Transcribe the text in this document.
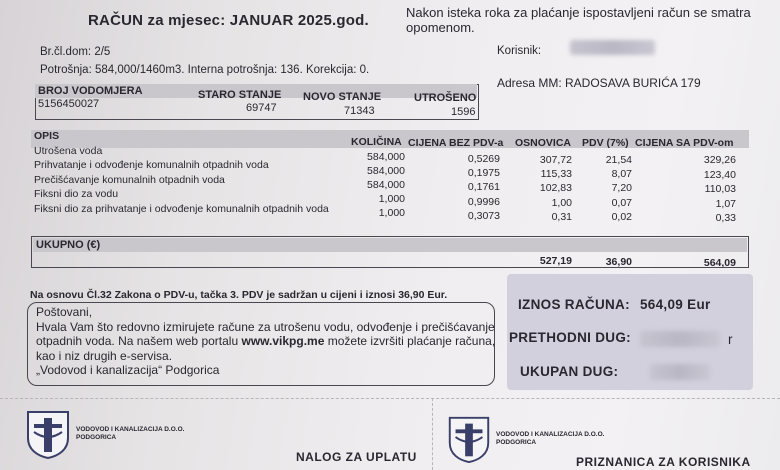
RAČUN za mjesec: JANUAR 2025.god.	Nakon isteka roka za plaćanje ispostavljeni račun se smatra opomenom.
Br.čl.dom: 2/5
Potrošnja: 584,000/1460m3. Interna potrošnja: 136. Korekcija: 0.
Korisnik:
Adresa MM: RADOSAVA BURIĆA 179
BROJ VODOMJERA	STARO STANJE NOVO STANJE	UTROŠENO
5156450027	69747	71343	1596
OPIS	KOLIČINA CIJENA BEZ PDV-a OSNOVICA PDV (7%) CIJENA SA PDV-om
Utrošena voda	584,000	0,5269	307,72	21,54	329,26
Prihvatanje i odvođenje komunalnih otpadnih voda	584,000	0,1975	115,33	8,07	123,40
Prečišćavanje komunalnih otpadnih voda	584,000	0,1761	102,83	7,20	110,03
Fiksni dio za vodu	1,000	0,9996	1,00	0,07	1,07
Fiksni dio za prihvatanje i odvođenje komunalnih otpadnih voda	1,000	0,3073	0,31	0,02	0,33
UKUPNO (€)
527,19	36,90	564,09
Na osnovu Čl.32 Zakona o PDV-u, tačka 3. PDV je sadržan u cijeni i iznosi 36,90 Eur.
Poštovani,
Hvala Vam što redovno izmirujete račune za utrošenu vodu, odvođenje i prečišćavanje otpadnih voda. Na našem web portalu www.vikpg.me možete izvršiti plaćanje računa, kao i niz drugih e-servisa.
„Vodovod i kanalizacija“ Podgorica
IZNOS RAČUNA: 564,09 Eur
PRETHODNI DUG:	r
UKUPAN DUG:
VODOVOD I KANALIZACIJA D.O.O.
PODGORICA
NALOG ZA UPLATU
VODOVOD I KANALIZACIJA D.O.O.
PODGORICA
PRIZNANICA ZA KORISNIKA
